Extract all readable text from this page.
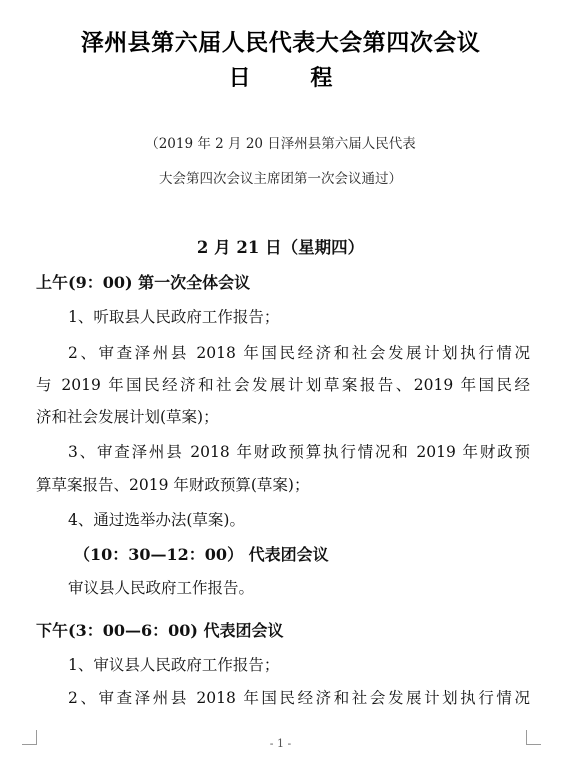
泽州县第六届人民代表大会第四次会议
日 程
（2019 年 2 月 20 日泽州县第六届人民代表
大会第四次会议主席团第一次会议通过）
2 月 21 日（星期四）
上午(9：00) 第一次全体会议
1、听取县人民政府工作报告；
2、审查泽州县 2018 年国民经济和社会发展计划执行情况
与 2019 年国民经济和社会发展计划草案报告、2019 年国民经
济和社会发展计划(草案)；
3、审查泽州县 2018 年财政预算执行情况和 2019 年财政预
算草案报告、2019 年财政预算(草案)；
4、通过选举办法(草案)。
（10：30—12：00） 代表团会议
审议县人民政府工作报告。
下午(3：00—6：00) 代表团会议
1、审议县人民政府工作报告；
2、审查泽州县 2018 年国民经济和社会发展计划执行情况
- 1 -
